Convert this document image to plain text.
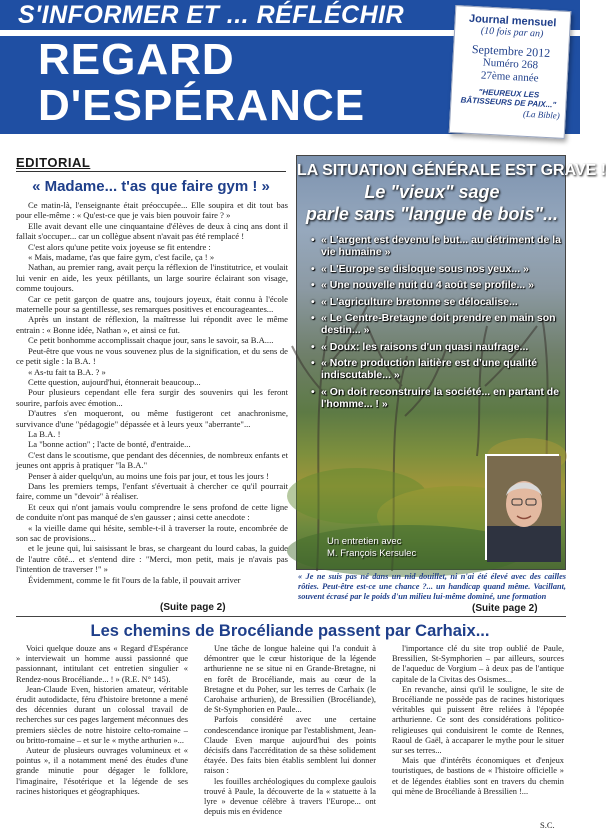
S'INFORMER ET ... RÉFLÉCHIR
REGARD
D'ESPÉRANCE
Journal mensuel
(10 fois par an)
Septembre 2012
Numéro 268
27ème année
"HEUREUX LES BÂTISSEURS DE PAIX..."
(La Bible)
EDITORIAL
« Madame... t'as que faire gym ! »

Ce matin-là, l'enseignante était préoccupée... Elle soupira et dit tout bas pour elle-même : « Qu'est-ce que je vais bien pouvoir faire ? »

Elle avait devant elle une cinquantaine d'élèves de deux à cinq ans dont il fallait s'occuper... car un collègue absent n'avait pas été remplacé !

C'est alors qu'une petite voix joyeuse se fit entendre :

« Mais, madame, t'as que faire gym, c'est facile, ça ! »

Nathan, au premier rang, avait perçu la réflexion de l'institutrice, et voulait lui venir en aide, les yeux pétillants, un large sourire éclairant son visage, comme toujours.

Car ce petit garçon de quatre ans, toujours joyeux, était connu à l'école maternelle pour sa gentillesse, ses remarques positives et encourageantes...

Après un instant de réflexion, la maîtresse lui répondit avec le même entrain : « Bonne idée, Nathan », et ainsi ce fut.

Ce petit bonhomme accomplissait chaque jour, sans le savoir, sa B.A....

Peut-être que vous ne vous souvenez plus de la signification, et du sens de ce petit sigle : la B.A. !

« As-tu fait ta B.A. ? »

Cette question, aujourd'hui, étonnerait beaucoup...

Pour plusieurs cependant elle fera surgir des souvenirs qui les feront sourire, parfois avec émotion...

D'autres s'en moqueront, ou même fustigeront cet anachronisme, survivance d'une "pédagogie" dépassée et à leurs yeux "aberrante"...

La B.A. !

La "bonne action" ; l'acte de bonté, d'entraide...

C'est dans le scoutisme, que pendant des décennies, de nombreux enfants et jeunes ont appris à pratiquer "la B.A."

Penser à aider quelqu'un, au moins une fois par jour, et tous les jours !

Dans les premiers temps, l'enfant s'évertuait à chercher ce qu'il pourrait faire, comme un "devoir" à réaliser.

Et ceux qui n'ont jamais voulu comprendre le sens profond de cette ligne de conduite n'ont pas manqué de s'en gausser ; ainsi cette anecdote :

« la vieille dame qui hésite, semble-t-il à traverser la route, encombrée de son sac de provisions...

et le jeune qui, lui saisissant le bras, se chargeant du lourd cabas, la guide de l'autre côté... et s'entend dire : "Merci, mon petit, mais je n'avais pas l'intention de traverser !" »

Évidemment, comme le fit l'ours de la fable, il pouvait arriver

(Suite page 2)
LA SITUATION GÉNÉRALE EST GRAVE !
Le "vieux" sage
parle sans "langue de bois"...
• « L'argent est devenu le but... au détriment de la vie humaine »
• « L'Europe se disloque sous nos yeux... »
• « Une nouvelle nuit du 4 août se profile... »
• « L'agriculture bretonne se délocalise...
• « Le Centre-Bretagne doit prendre en main son destin... »
• « Doux: les raisons d'un quasi naufrage...
• « Notre production laitière est d'une qualité indiscutable... »
• « On doit reconstruire la société... en partant de l'homme... ! »
Un entretien avec
M. François Kersulec
« Je ne suis pas né dans un nid douillet, ni n'ai été élevé avec des cailles rôties. Peut-être est-ce une chance ?... un handicap quand même. Vacillant, souvent écrasé par le poids d'un milieu lui-même dominé, une formation
(Suite page 2)
Les chemins de Brocéliande passent par Carhaix...

Voici quelque douze ans « Regard d'Espérance » interviewait un homme aussi passionné que passionnant, intitulant cet entretien singulier « Rendez-nous Brocéliande... ! » (R.E. N° 145).

Jean-Claude Even, historien amateur, véritable érudit autodidacte, féru d'histoire bretonne a mené des décennies durant un colossal travail de recherches sur ces pages largement méconnues des premiers siècles de notre histoire celto-romaine – ou britto-romaine – et sur le « mythe arthurien »...

Auteur de plusieurs ouvrages volumineux et « pointus », il a notamment mené des études d'une grande minutie pour dégager le folklore, l'imaginaire, l'ésotérique et la légende de ses racines historiques et géographiques.

Une tâche de longue haleine qui l'a conduit à démontrer que le cœur historique de la légende arthurienne ne se situe ni en Grande-Bretagne, ni en forêt de Brocéliande, mais au cœur de la Bretagne et du Poher, sur les terres de Carhaix (le Carohaise arthurien), de Bressilien (Brocéliande), de St-Symphorien en Paule...

Parfois considéré avec une certaine condescendance ironique par l'establishment, Jean-Claude Even marque aujourd'hui des points décisifs dans l'accréditation de sa thèse solidement étayée. Des faits bien établis semblent lui donner raison :

les fouilles archéologiques du complexe gaulois trouvé à Paule, la découverte de la « statuette à la lyre » devenue célèbre à travers l'Europe... ont depuis mis en évidence

l'importance clé du site trop oublié de Paule, Bressilien, St-Symphorien – par ailleurs, sources de l'aqueduc de Vorgium – à deux pas de l'antique capitale de la Civitas des Osismes...

En revanche, ainsi qu'il le souligne, le site de Brocéliande ne possède pas de racines historiques véritables qui puissent être reliées à l'épopée arthurienne. Ce sont des considérations politico-religieuses qui conduisirent le comte de Rennes, Raoul de Gaël, à accaparer le mythe pour le situer sur ses terres...

Mais que d'intérêts économiques et d'enjeux touristiques, de bastions de « l'histoire officielle » et de légendes établies sont en travers du chemin qui mène de Brocéliande à Bressilien !...

S.C.
